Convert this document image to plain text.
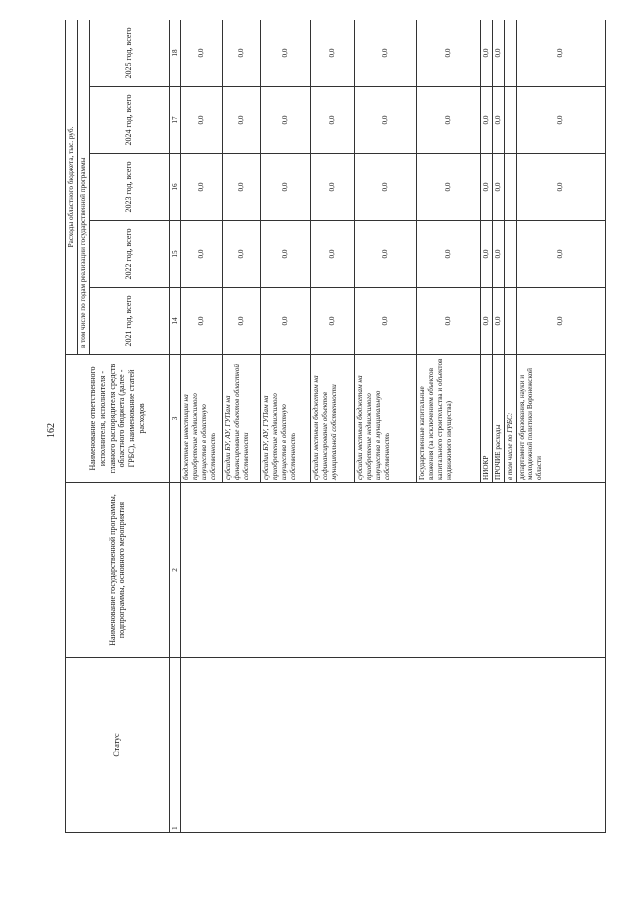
162
Статус	Наименование государственной программы, подпрограммы, основного мероприятия	Наименование ответственного исполнителя, исполнителя - главного распорядителя средств областного бюджета (далее - ГРБС), наименование статей расходов	Расходы областного бюджета, тыс. руб.				
			в том числе по годам реализации государственной программы				
			2021 год, всего	2022 год, всего	2023 год, всего	2024 год, всего	2025 год, всего
1	2	3	14	15	16	17	18
		бюджетные инвестиции на приобретение недвижимого имущества в областную собственность	0,0	0,0	0,0	0,0	0,0
		субсидии БУ, АУ, ГУПам на финансирование объектов областной собственности	0,0	0,0	0,0	0,0	0,0
		субсидии БУ, АУ, ГУПам на приобретение недвижимого имущества в областную собственность	0,0	0,0	0,0	0,0	0,0
		субсидии местным бюджетам на софинансирование объектов муниципальной собственности	0,0	0,0	0,0	0,0	0,0
		субсидии местным бюджетам на приобретение недвижимого имущества в муниципальную собственность	0,0	0,0	0,0	0,0	0,0
		Государственные капитальные вложения (за исключением объектов капитального строительства и объектов недвижимого имущества)	0,0	0,0	0,0	0,0	0,0
		НИОКР	0,0	0,0	0,0	0,0	0,0
		ПРОЧИЕ расходы	0,0	0,0	0,0	0,0	0,0
		в том числе по ГРБС:					
		департамент образования, науки и молодежной политики Воронежской области	0,0	0,0	0,0	0,0	0,0
